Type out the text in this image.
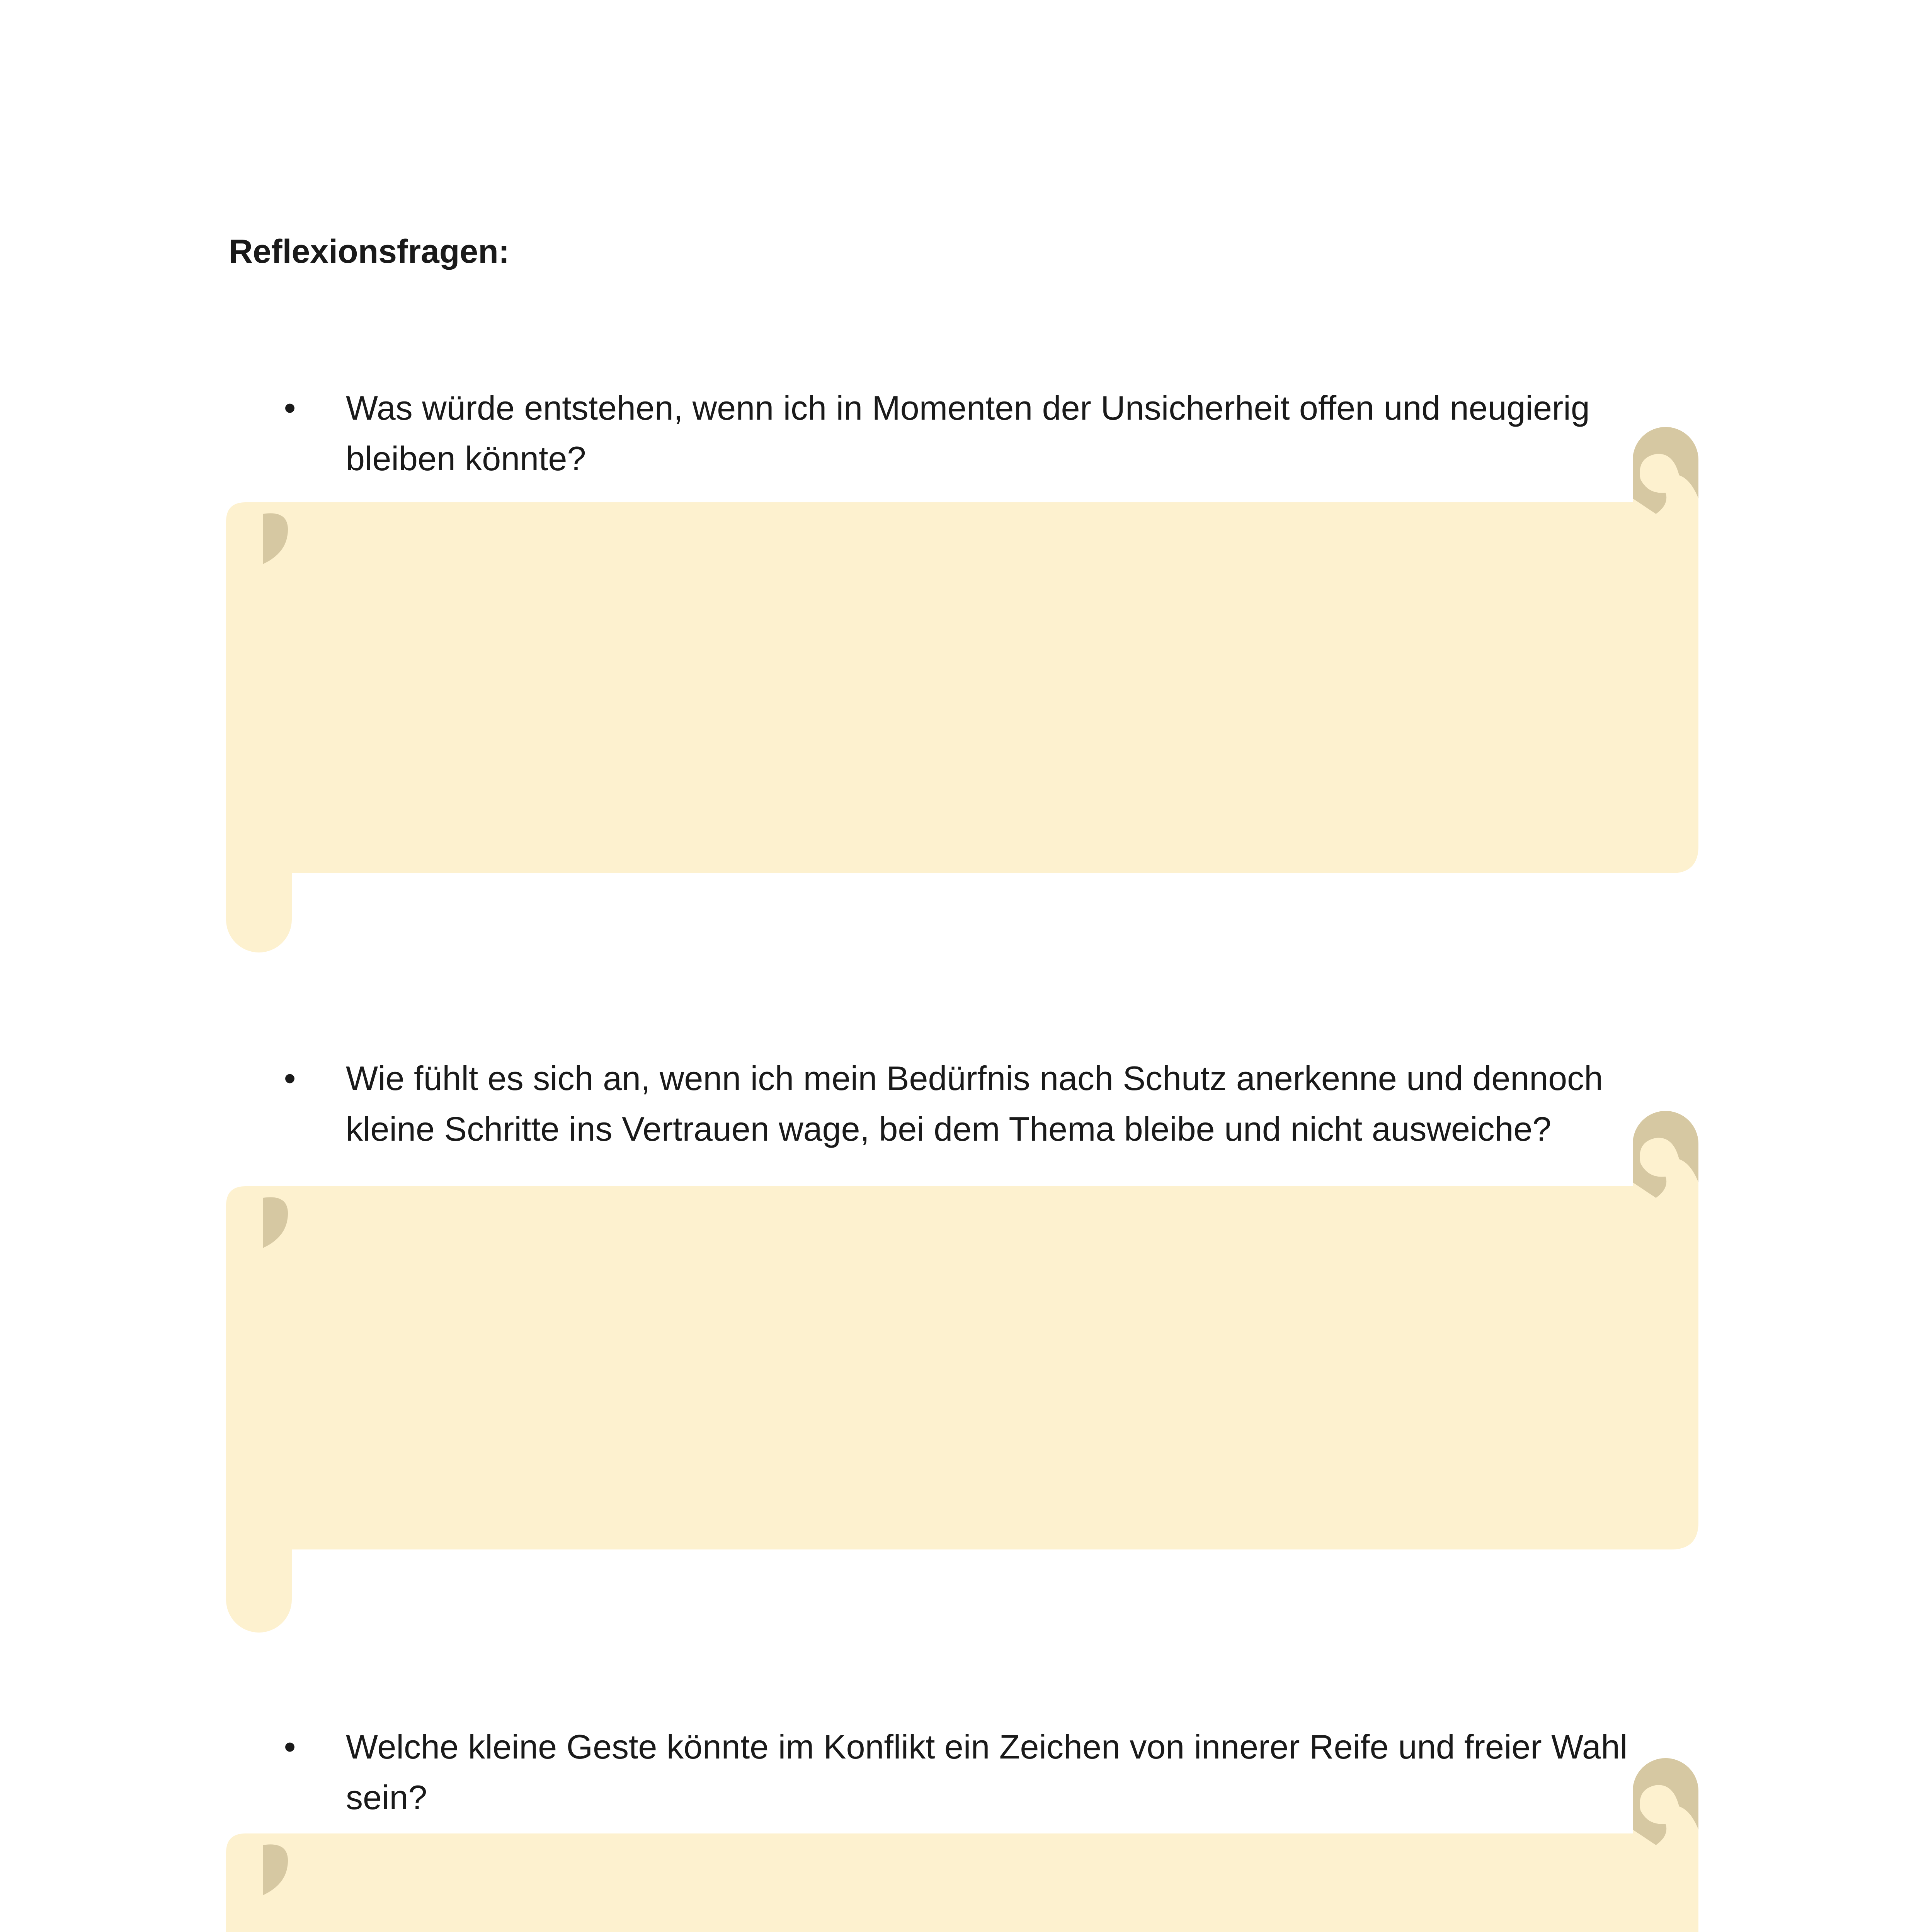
Reflexionsfragen:
• Was würde entstehen, wenn ich in Momenten der Unsicherheit offen und neugierig
bleiben könnte?
• Wie fühlt es sich an, wenn ich mein Bedürfnis nach Schutz anerkenne und dennoch
kleine Schritte ins Vertrauen wage, bei dem Thema bleibe und nicht ausweiche?
• Welche kleine Geste könnte im Konflikt ein Zeichen von innerer Reife und freier Wahl
sein?
